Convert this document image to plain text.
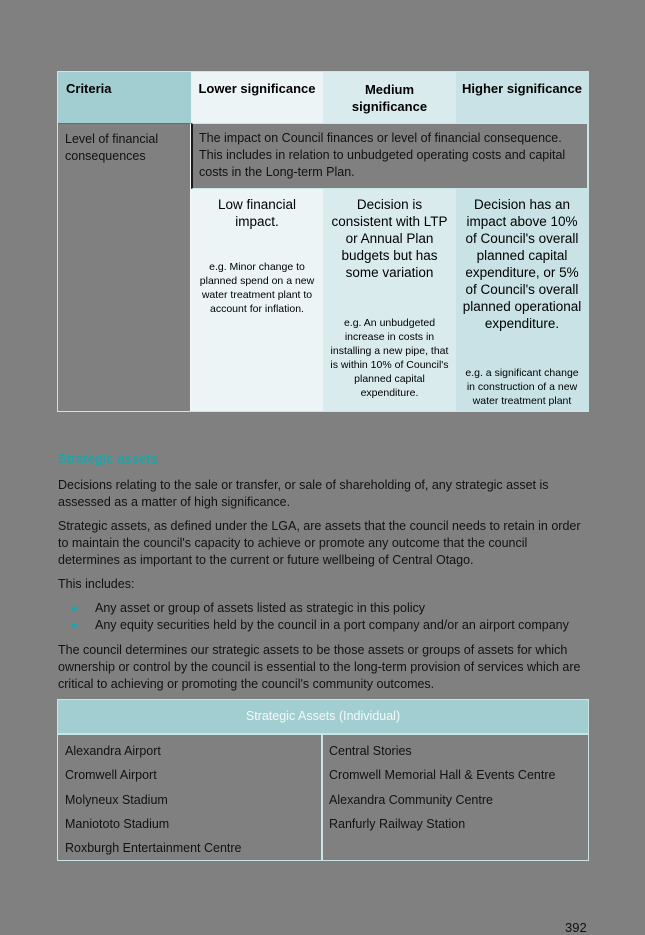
Criteria	Lower significance	Medium significance
Higher significance
Level of financial consequences
The impact on Council finances or level of financial consequence. This includes in relation to unbudgeted operating costs and capital costs in the Long-term Plan.
Low financial impact.
e.g. Minor change to planned spend on a new water treatment plant to account for inflation.
Decision is consistent with LTP or Annual Plan budgets but has some variation
e.g. An unbudgeted increase in costs in installing a new pipe, that is within 10% of Council's planned capital expenditure.
Decision has an impact above 10% of Council's overall planned capital expenditure, or 5% of Council's overall planned operational expenditure.
e.g. a significant change in construction of a new water treatment plant
Strategic assets

Decisions relating to the sale or transfer, or sale of shareholding of, any strategic asset is assessed as a matter of high significance.

Strategic assets, as defined under the LGA, are assets that the council needs to retain in order to maintain the council's capacity to achieve or promote any outcome that the council determines as important to the current or future wellbeing of Central Otago.

This includes:

Any asset or group of assets listed as strategic in this policy
Any equity securities held by the council in a port company and/or an airport company

The council determines our strategic assets to be those assets or groups of assets for which ownership or control by the council is essential to the long-term provision of services which are critical to achieving or promoting the council's community outcomes.

Strategic Assets (Individual)
Alexandra Airport
Cromwell Airport
Molyneux Stadium
Maniototo Stadium
Roxburgh Entertainment Centre
Central Stories
Cromwell Memorial Hall & Events Centre
Alexandra Community Centre
Ranfurly Railway Station
392
